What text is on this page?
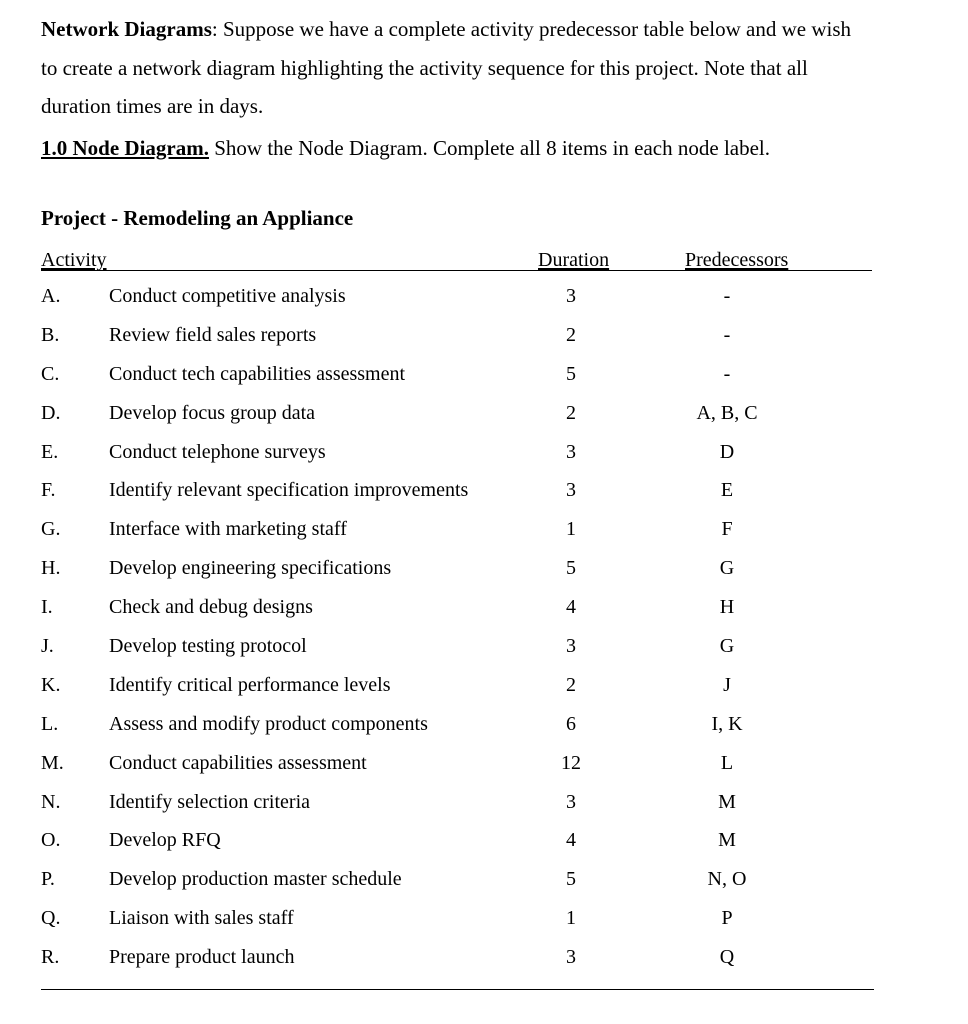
Network Diagrams: Suppose we have a complete activity predecessor table below and we wish
to create a network diagram highlighting the activity sequence for this project. Note that all
duration times are in days.

1.0 Node Diagram. Show the Node Diagram. Complete all 8 items in each node label.

Project - Remodeling an Appliance
Activity	Duration	Predecessors
A. Conduct competitive analysis	3	-
B. Review field sales reports	2	-
C. Conduct tech capabilities assessment	5	-
D. Develop focus group data	2	A, B, C
E.	Conduct telephone surveys	3	D
F.	Identify relevant specification improvements	3	E
G. Interface with marketing staff	1	F
H. Develop engineering specifications	5	G
I.	Check and debug designs	4	H
J.	Develop testing protocol	3	G
K. Identify critical performance levels	2	J
L.	Assess and modify product components	6	I, K
M. Conduct capabilities assessment	12	L
N. Identify selection criteria	3	M
O. Develop RFQ	4	M
P.	Develop production master schedule	5	N, O
Q. Liaison with sales staff	1	P
R. Prepare product launch	3	Q
